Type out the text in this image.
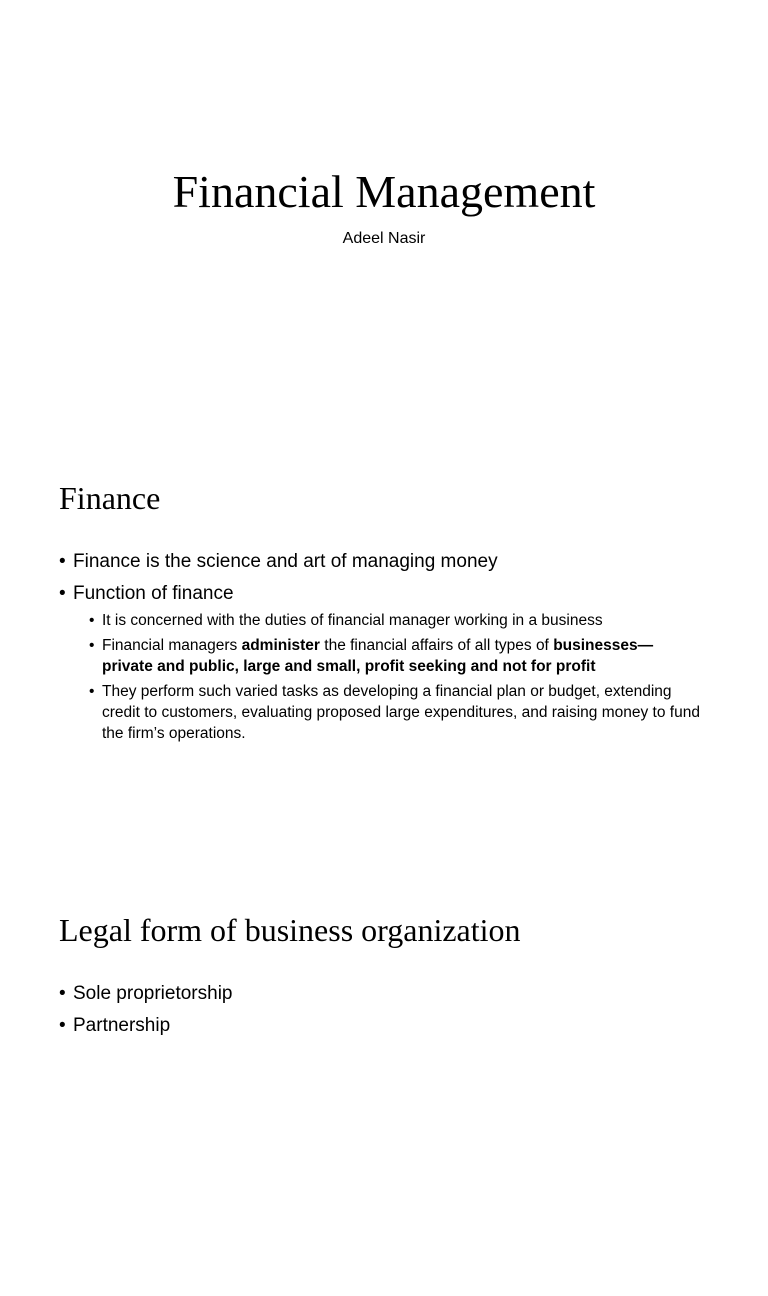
Financial Management
Adeel Nasir
Finance
• Finance is the science and art of managing money
• Function of finance
• It is concerned with the duties of financial manager working in a business
• Financial managers administer the financial affairs of all types of businesses—private and public, large and small, profit seeking and not for profit
• They perform such varied tasks as developing a financial plan or budget, extending credit to customers, evaluating proposed large expenditures, and raising money to fund the firm’s operations.
Legal form of business organization
• Sole proprietorship
• Partnership
